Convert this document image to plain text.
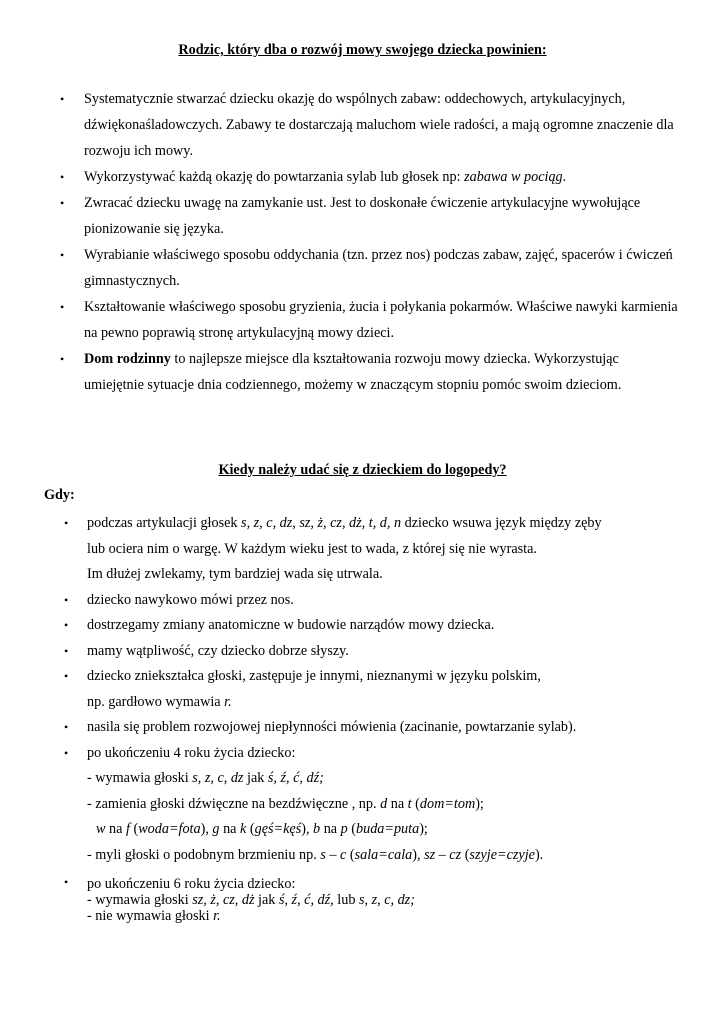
Rodzic, który dba o rozwój mowy swojego dziecka powinien:
• Systematycznie stwarzać dziecku okazję do wspólnych zabaw: oddechowych, artykulacyjnych, dźwiękonaśladowczych. Zabawy te dostarczają maluchom wiele radości, a mają ogromne znaczenie dla rozwoju ich mowy.
• Wykorzystywać każdą okazję do powtarzania sylab lub głosek np: zabawa w pociąg.
• Zwracać dziecku uwagę na zamykanie ust. Jest to doskonałe ćwiczenie artykulacyjne wywołujące pionizowanie się języka.
• Wyrabianie właściwego sposobu oddychania (tzn. przez nos) podczas zabaw, zajęć, spacerów i ćwiczeń gimnastycznych.
• Kształtowanie właściwego sposobu gryzienia, żucia i połykania pokarmów. Właściwe nawyki karmienia na pewno poprawią stronę artykulacyjną mowy dzieci.
• Dom rodzinny to najlepsze miejsce dla kształtowania rozwoju mowy dziecka. Wykorzystując umiejętnie sytuacje dnia codziennego, możemy w znaczącym stopniu pomóc swoim dzieciom.
Kiedy należy udać się z dzieckiem do logopedy?
Gdy:
• podczas artykulacji głosek s, z, c, dz, sz, ż, cz, dż, t, d, n dziecko wsuwa język między zęby
lub ociera nim o wargę. W każdym wieku jest to wada, z której się nie wyrasta.
Im dłużej zwlekamy, tym bardziej wada się utrwala.
• dziecko nawykowo mówi przez nos.
• dostrzegamy zmiany anatomiczne w budowie narządów mowy dziecka.
• mamy wątpliwość, czy dziecko dobrze słyszy.
• dziecko zniekształca głoski, zastępuje je innymi, nieznanymi w języku polskim,
np. gardłowo wymawia r.
• nasila się problem rozwojowej niepłynności mówienia (zacinanie, powtarzanie sylab).
• po ukończeniu 4 roku życia dziecko:
- wymawia głoski s, z, c, dz jak ś, ź, ć, dź;
- zamienia głoski dźwięczne na bezdźwięczne , np. d na t (dom=tom);
w na f (woda=fota), g na k (gęś=kęś), b na p (buda=puta);
- myli głoski o podobnym brzmieniu np. s – c (sala=cala), sz – cz (szyje=czyje).
• po ukończeniu 6 roku życia dziecko:
- wymawia głoski sz, ż, cz, dż jak ś, ź, ć, dź, lub s, z, c, dz;
- nie wymawia głoski r.
